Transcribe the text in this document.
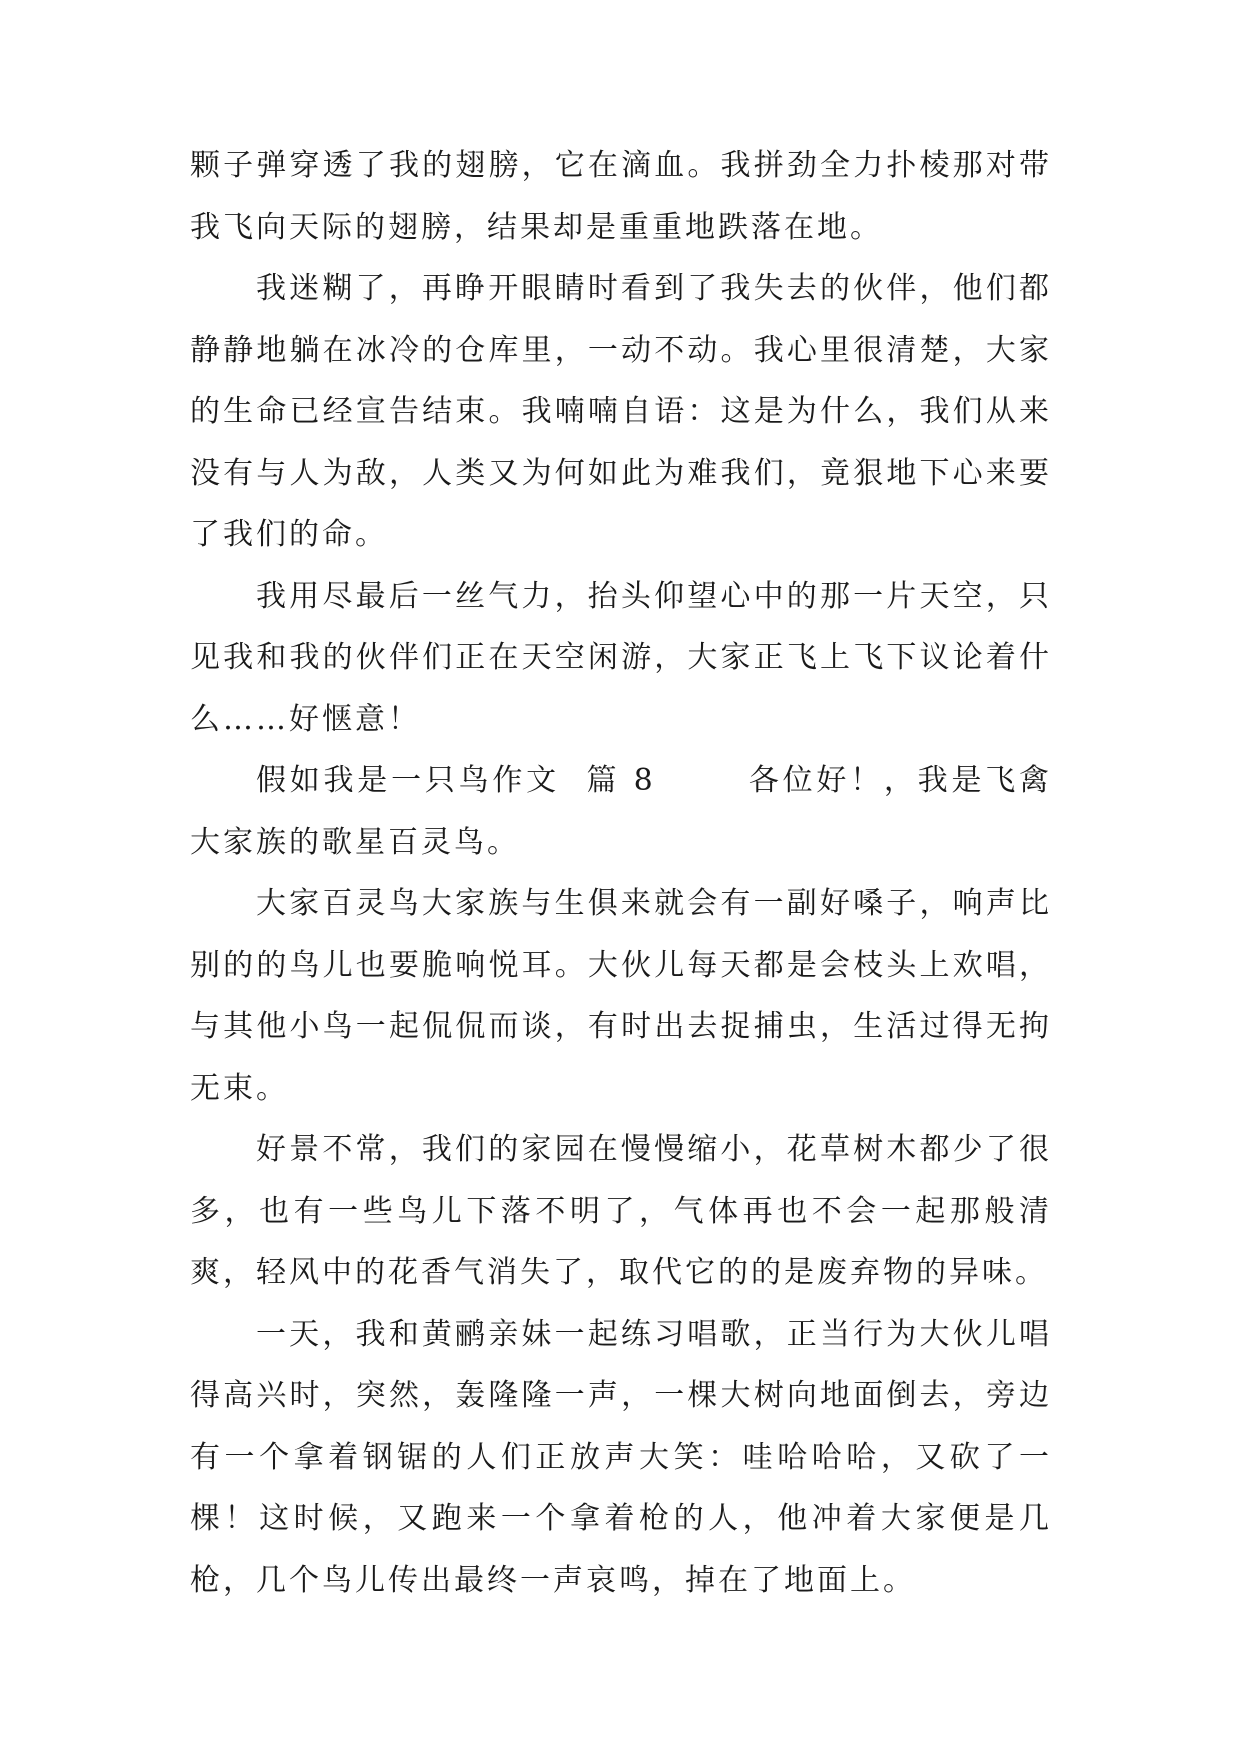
颗子弹穿透了我的翅膀，它在滴血。我拼劲全力扑棱那对带我飞向天际的翅膀，结果却是重重地跌落在地。

我迷糊了，再睁开眼睛时看到了我失去的伙伴，他们都静静地躺在冰冷的仓库里，一动不动。我心里很清楚，大家的生命已经宣告结束。我喃喃自语：这是为什么，我们从来没有与人为敌，人类又为何如此为难我们，竟狠地下心来要了我们的命。

我用尽最后一丝气力，抬头仰望心中的那一片天空，只见我和我的伙伴们正在天空闲游，大家正飞上飞下议论着什么……好惬意！

假如我是一只鸟作文  篇 8       各位好！，我是飞禽大家族的歌星百灵鸟。

大家百灵鸟大家族与生俱来就会有一副好嗓子，响声比别的的鸟儿也要脆响悦耳。大伙儿每天都是会枝头上欢唱，与其他小鸟一起侃侃而谈，有时出去捉捕虫，生活过得无拘无束。

好景不常，我们的家园在慢慢缩小，花草树木都少了很多，也有一些鸟儿下落不明了，气体再也不会一起那般清爽，轻风中的花香气消失了，取代它的的是废弃物的异味。

一天，我和黄鹂亲妹一起练习唱歌，正当行为大伙儿唱得高兴时，突然，轰隆隆一声，一棵大树向地面倒去，旁边有一个拿着钢锯的人们正放声大笑：哇哈哈哈，又砍了一棵！这时候，又跑来一个拿着枪的人，他冲着大家便是几枪，几个鸟儿传出最终一声哀鸣，掉在了地面上。
